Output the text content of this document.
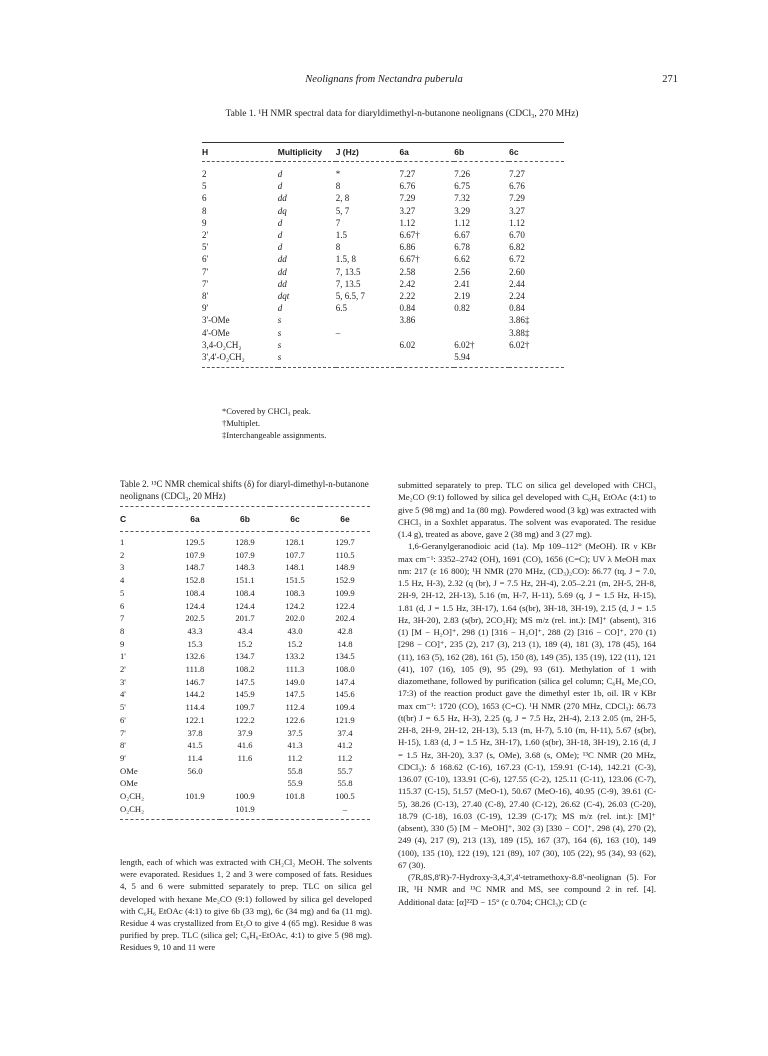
Neolignans from Nectandra puberula	271
Table 1. ¹H NMR spectral data for diaryldimethyl-n-butanone neolignans (CDCl₃, 270 MHz)
H	Multiplicity	J (Hz)	6a	6b	6c
2	d	*	7.27	7.26	7.27
5	d	8	6.76	6.75	6.76
6	dd	2, 8	7.29	7.32	7.29
8	dq	5, 7	3.27	3.29	3.27
9	d	7	1.12	1.12	1.12
2'	d	1.5	6.67†	6.67	6.70
5'	d	8	6.86	6.78	6.82
6'	dd	1.5, 8	6.67†	6.62	6.72
7'	dd	7, 13.5	2.58	2.56	2.60
7'	dd	7, 13.5	2.42	2.41	2.44
8'	dqt	5, 6.5, 7	2.22	2.19	2.24
9'	d	6.5	0.84	0.82	0.84
3'-OMe	s		3.86		3.86‡
4'-OMe	s	–			3.88‡
3,4-O₂CH₂	s		6.02	6.02†	6.02†
3',4'-O₂CH₂	s			5.94	
*Covered by CHCl₃ peak.
†Multiplet.
‡Interchangeable assignments.
Table 2. ¹³C NMR chemical shifts (δ) for diaryl-dimethyl-n-butanone neolignans (CDCl₃, 20 MHz)
C	6a	6b	6c	6e
1	129.5	128.9	128.1	129.7
2	107.9	107.9	107.7	110.5
3	148.7	148.3	148.1	148.9
4	152.8	151.1	151.5	152.9
5	108.4	108.4	108.3	109.9
6	124.4	124.4	124.2	122.4
7	202.5	201.7	202.0	202.4
8	43.3	43.4	43.0	42.8
9	15.3	15.2	15.2	14.8
1'	132.6	134.7	133.2	134.5
2'	111.8	108.2	111.3	108.0
3'	146.7	147.5	149.0	147.4
4'	144.2	145.9	147.5	145.6
5'	114.4	109.7	112.4	109.4
6'	122.1	122.2	122.6	121.9
7'	37.8	37.9	37.5	37.4
8'	41.5	41.6	41.3	41.2
9'	11.4	11.6	11.2	11.2
OMe	56.0		55.8	55.7
OMe			55.9	55.8
O₂CH₂	101.9	100.9	101.8	100.5
O₂CH₂		101.9		–

length, each of which was extracted with CH₂Cl₂ MeOH. The solvents were evaporated. Residues 1, 2 and 3 were composed of fats. Residues 4, 5 and 6 were submitted separately to prep. TLC on silica gel developed with hexane Me₂CO (9:1) followed by silica gel developed with C₆H₆ EtOAc (4:1) to give 6b (33 mg), 6c (34 mg) and 6a (11 mg). Residue 4 was crystallized from Et₂O to give 4 (65 mg). Residue 8 was purified by prep. TLC (silica gel; C₆H₆-EtOAc, 4:1) to give 5 (98 mg). Residues 9, 10 and 11 were

submitted separately to prep. TLC on silica gel developed with CHCl₃ Me₂CO (9:1) followed by silica gel developed with C₆H₆ EtOAc (4:1) to give 5 (98 mg) and 1a (80 mg). Powdered wood (3 kg) was extracted with CHCl₃ in a Soxhlet apparatus. The solvent was evaporated. The residue (1.4 g), treated as above, gave 2 (38 mg) and 3 (27 mg).

1,6-Geranylgeranodioic acid (1a). Mp 109–112° (MeOH). IR ν KBr max cm⁻¹: 3352–2742 (OH), 1691 (CO), 1656 (C=C); UV λ MeOH max nm: 217 (ε 16 800); ¹H NMR (270 MHz, (CD₃)₂CO): δ6.77 (tq, J = 7.0, 1.5 Hz, H-3), 2.32 (q (br), J = 7.5 Hz, 2H-4), 2.05–2.21 (m, 2H-5, 2H-8, 2H-9, 2H-12, 2H-13), 5.16 (m, H-7, H-11), 5.69 (q, J = 1.5 Hz, H-15), 1.81 (d, J = 1.5 Hz, 3H-17), 1.64 (s(br), 3H-18, 3H-19), 2.15 (d, J = 1.5 Hz, 3H-20), 2.83 (s(br), 2CO₂H); MS m/z (rel. int.): [M]⁺ (absent), 316 (1) [M − H₂O]⁺, 298 (1) [316 − H₂O]⁺, 288 (2) [316 − CO]⁺, 270 (1) [298 − CO]⁺, 235 (2), 217 (3), 213 (1), 189 (4), 181 (3), 178 (45), 164 (11), 163 (5), 162 (28), 161 (5), 150 (8), 149 (35), 135 (19), 122 (11), 121 (41), 107 (16), 105 (9), 95 (29), 93 (61). Methylation of 1 with diazomethane, followed by purification (silica gel column; C₆H₆ Me₂CO, 17:3) of the reaction product gave the dimethyl ester 1b, oil. IR ν KBr max cm⁻¹: 1720 (CO), 1653 (C=C). ¹H NMR (270 MHz, CDCl₃): δ6.73 (t(br) J = 6.5 Hz, H-3), 2.25 (q, J = 7.5 Hz, 2H-4), 2.13 2.05 (m, 2H-5, 2H-8, 2H-9, 2H-12, 2H-13), 5.13 (m, H-7), 5.10 (m, H-11), 5.67 (s(br), H-15), 1.83 (d, J = 1.5 Hz, 3H-17), 1.60 (s(br), 3H-18, 3H-19), 2.16 (d, J = 1.5 Hz, 3H-20), 3.37 (s, OMe), 3.68 (s, OMe); ¹³C NMR (20 MHz, CDCl₃): δ 168.62 (C-16), 167.23 (C-1), 159.91 (C-14), 142.21 (C-3), 136.07 (C-10), 133.91 (C-6), 127.55 (C-2), 125.11 (C-11), 123.06 (C-7), 115.37 (C-15), 51.57 (MeO-1), 50.67 (MeO-16), 40.95 (C-9), 39.61 (C-5), 38.26 (C-13), 27.40 (C-8), 27.40 (C-12), 26.62 (C-4), 26.03 (C-20), 18.79 (C-18), 16.03 (C-19), 12.39 (C-17); MS m/z (rel. int.): [M]⁺ (absent), 330 (5) [M − MeOH]⁺, 302 (3) [330 − CO]⁺, 298 (4), 270 (2), 249 (4), 217 (9), 213 (13), 189 (15), 167 (37), 164 (6), 163 (10), 149 (100), 135 (10), 122 (19), 121 (89), 107 (30), 105 (22), 95 (34), 93 (62), 67 (30).

(7R,8S,8'R)-7-Hydroxy-3,4,3',4'-tetramethoxy-8.8'-neolignan (5). For IR, ¹H NMR and ¹³C NMR and MS, see compound 2 in ref. [4]. Additional data: [α]²²D − 15° (c 0.704; CHCl₃); CD (c
